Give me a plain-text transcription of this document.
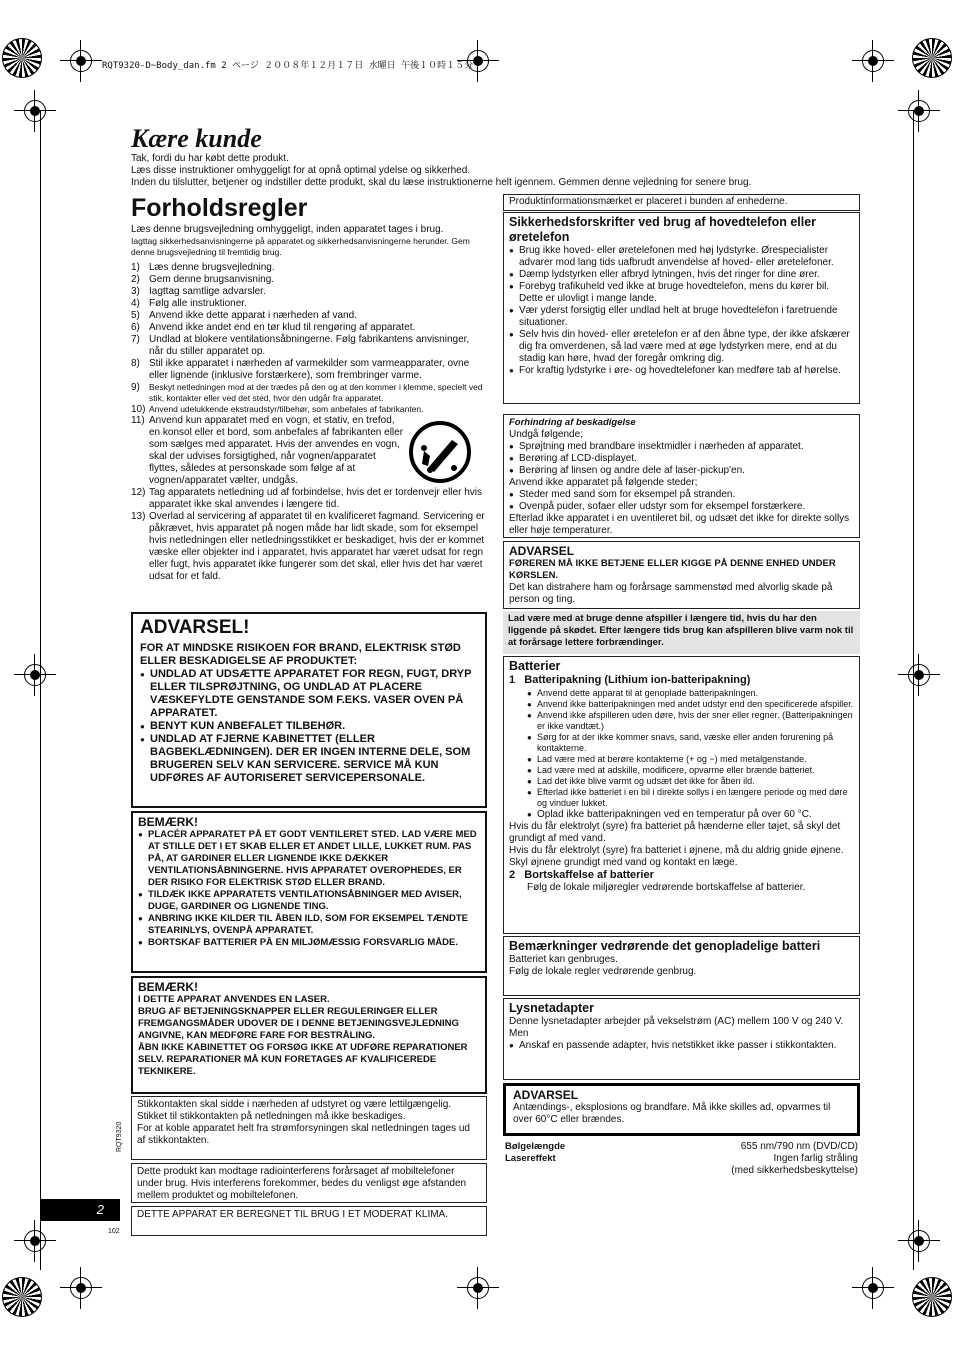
RQT9320-D~Body_dan.fm 2 ページ ２００８年１２月１７日 水曜日 午後１０時１５分
Kære kunde
Tak, fordi du har købt dette produkt.
Læs disse instruktioner omhyggeligt for at opnå optimal ydelse og sikkerhed.
Inden du tilslutter, betjener og indstiller dette produkt, skal du læse instruktionerne helt igennem. Gemmen denne vejledning for senere brug.
Forholdsregler
Læs denne brugsvejledning omhyggeligt, inden apparatet tages i brug.
Iagttag sikkerhedsanvisningerne på apparatet og sikkerhedsanvisningerne herunder. Gem denne brugsvejledning til fremtidig brug.
1) Læs denne brugsvejledning.
2) Gem denne brugsanvisning.
3) Iagttag samtlige advarsler.
4) Følg alle instruktioner.
5) Anvend ikke dette apparat i nærheden af vand.
6) Anvend ikke andet end en tør klud til rengøring af apparatet.
7) Undlad at blokere ventilationsåbningerne. Følg fabrikantens anvisninger, når du stiller apparatet op.
8) Stil ikke apparatet i nærheden af varmekilder som varmeapparater, ovne eller lignende (inklusive forstærkere), som frembringer varme.
9) Beskyt netledningen mod at der trædes på den og at den kommer i klemme, specielt ved stik, kontakter eller ved det sted, hvor den udgår fra apparatet.
10) Anvend udelukkende ekstraudstyr/tilbehør, som anbefales af fabrikanten.
11) Anvend kun apparatet med en vogn, et stativ, en trefod, en konsol eller et bord, som anbefales af fabrikanten eller som sælges med apparatet. Hvis der anvendes en vogn, skal der udvises forsigtighed, når vognen/apparatet flyttes, således at personskade som følge af at vognen/apparatet vælter, undgås.
12) Tag apparatets netledning ud af forbindelse, hvis det er tordenvejr eller hvis apparatet ikke skal anvendes i længere tid.
13) Overlad al servicering af apparatet til en kvalificeret fagmand. Servicering er påkrævet, hvis apparatet på nogen måde har lidt skade, som for eksempel hvis netledningen eller netledningsstikket er beskadiget, hvis der er kommet væske eller objekter ind i apparatet, hvis apparatet har været udsat for regn eller fugt, hvis apparatet ikke fungerer som det skal, eller hvis det har været udsat for et fald.
ADVARSEL!
FOR AT MINDSKE RISIKOEN FOR BRAND, ELEKTRISK STØD ELLER BESKADIGELSE AF PRODUKTET:
● UNDLAD AT UDSÆTTE APPARATET FOR REGN, FUGT, DRYP ELLER TILSPRØJTNING, OG UNDLAD AT PLACERE VÆSKEFYLDTE GENSTANDE SOM F.EKS. VASER OVEN PÅ APPARATET.
● BENYT KUN ANBEFALET TILBEHØR.
● UNDLAD AT FJERNE KABINETTET (ELLER BAGBEKLÆDNINGEN). DER ER INGEN INTERNE DELE, SOM BRUGEREN SELV KAN SERVICERE. SERVICE MÅ KUN UDFØRES AF AUTORISERET SERVICEPERSONALE.
BEMÆRK!
● PLACÉR APPARATET PÅ ET GODT VENTILERET STED. LAD VÆRE MED AT STILLE DET I ET SKAB ELLER ET ANDET LILLE, LUKKET RUM. PAS PÅ, AT GARDINER ELLER LIGNENDE IKKE DÆKKER VENTILATIONSÅBNINGERNE. HVIS APPARATET OVEROPHEDES, ER DER RISIKO FOR ELEKTRISK STØD ELLER BRAND.
● TILDÆK IKKE APPARATETS VENTILATIONSÅBNINGER MED AVISER, DUGE, GARDINER OG LIGNENDE TING.
● ANBRING IKKE KILDER TIL ÅBEN ILD, SOM FOR EKSEMPEL TÆNDTE STEARINLYS, OVENPÅ APPARATET.
● BORTSKAF BATTERIER PÅ EN MILJØMÆSSIG FORSVARLIG MÅDE.
BEMÆRK!
I DETTE APPARAT ANVENDES EN LASER.
BRUG AF BETJENINGSKNAPPER ELLER REGULERINGER ELLER FREMGANGSMÅDER UDOVER DE I DENNE BETJENINGSVEJLEDNING ANGIVNE, KAN MEDFØRE FARE FOR BESTRÅLING.
ÅBN IKKE KABINETTET OG FORSØG IKKE AT UDFØRE REPARATIONER SELV. REPARATIONER MÅ KUN FORETAGES AF KVALIFICEREDE TEKNIKERE.
Stikkontakten skal sidde i nærheden af udstyret og være lettilgængelig.
Stikket til stikkontakten på netledningen må ikke beskadiges.
For at koble apparatet helt fra strømforsyningen skal netledningen tages ud af stikkontakten.
Dette produkt kan modtage radiointerferens forårsaget af mobiltelefoner under brug. Hvis interferens forekommer, bedes du venligst øge afstanden mellem produktet og mobiltelefonen.
DETTE APPARAT ER BEREGNET TIL BRUG I ET MODERAT KLIMA.
RQT9320
2
102
Produktinformationsmærket er placeret i bunden af enhederne.
Sikkerhedsforskrifter ved brug af hovedtelefon eller øretelefon
● Brug ikke hoved- eller øretelefonen med høj lydstyrke. Ørespecialister advarer mod lang tids uafbrudt anvendelse af hoved- eller øretelefoner.
● Dæmp lydstyrken eller afbryd lytningen, hvis det ringer for dine ører.
● Forebyg trafikuheld ved ikke at bruge hovedtelefon, mens du kører bil. Dette er ulovligt i mange lande.
● Vær yderst forsigtig eller undlad helt at bruge hovedtelefon i faretruende situationer.
● Selv hvis din hoved- eller øretelefon er af den åbne type, der ikke afskærer dig fra omverdenen, så lad være med at øge lydstyrken mere, end at du stadig kan høre, hvad der foregår omkring dig.
● For kraftig lydstyrke i øre- og hovedtelefoner kan medføre tab af hørelse.
Forhindring af beskadigelse
Undgå følgende;
● Sprøjtning med brandbare insektmidler i nærheden af apparatet.
● Berøring af LCD-displayet.
● Berøring af linsen og andre dele af laser-pickup'en.
Anvend ikke apparatet på følgende steder;
● Steder med sand som for eksempel på stranden.
● Ovenpå puder, sofaer eller udstyr som for eksempel forstærkere.
Efterlad ikke apparatet i en uventileret bil, og udsæt det ikke for direkte sollys eller høje temperaturer.
ADVARSEL
FØREREN MÅ IKKE BETJENE ELLER KIGGE PÅ DENNE ENHED UNDER KØRSLEN.
Det kan distrahere ham og forårsage sammenstød med alvorlig skade på person og ting.
Lad være med at bruge denne afspiller i længere tid, hvis du har den liggende på skødet. Efter længere tids brug kan afspilleren blive varm nok til at forårsage lettere forbrændinger.
Batterier
1   Batteripakning (Lithium ion-batteripakning)
● Anvend dette apparat til at genoplade batteripakningen.
● Anvend ikke batteripakningen med andet udstyr end den specificerede afspiller.
● Anvend ikke afspilleren uden døre, hvis der sner eller regner. (Batteripakningen er ikke vandtæt.)
● Sørg for at der ikke kommer snavs, sand, væske eller anden forurening på kontakterne.
● Lad være med at berøre kontakterne (+ og −) med metalgenstande.
● Lad være med at adskille, modificere, opvarme eller brænde batteriet.
● Lad det ikke blive varmt og udsæt det ikke for åben ild.
● Efterlad ikke batteriet i en bil i direkte sollys i en længere periode og med døre og vinduer lukket.
● Oplad ikke batteripakningen ved en temperatur på over 60 °C.
Hvis du får elektrolyt (syre) fra batteriet på hænderne eller tøjet, så skyl det grundigt af med vand.
Hvis du får elektrolyt (syre) fra batteriet i øjnene, må du aldrig gnide øjnene.
Skyl øjnene grundigt med vand og kontakt en læge.
2   Bortskaffelse af batterier
Følg de lokale miljøregler vedrørende bortskaffelse af batterier.
Bemærkninger vedrørende det genopladelige batteri
Batteriet kan genbruges.
Følg de lokale regler vedrørende genbrug.
Lysnetadapter
Denne lysnetadapter arbejder på vekselstrøm (AC) mellem 100 V og 240 V.
Men
● Anskaf en passende adapter, hvis netstikket ikke passer i stikkontakten.
ADVARSEL
Antændings-, eksplosions og brandfare. Må ikke skilles ad, opvarmes til over 60°C eller brændes.
Bølgelængde
Lasereffekt
655 nm/790 nm (DVD/CD)
Ingen farlig stråling
(med sikkerhedsbeskyttelse)
